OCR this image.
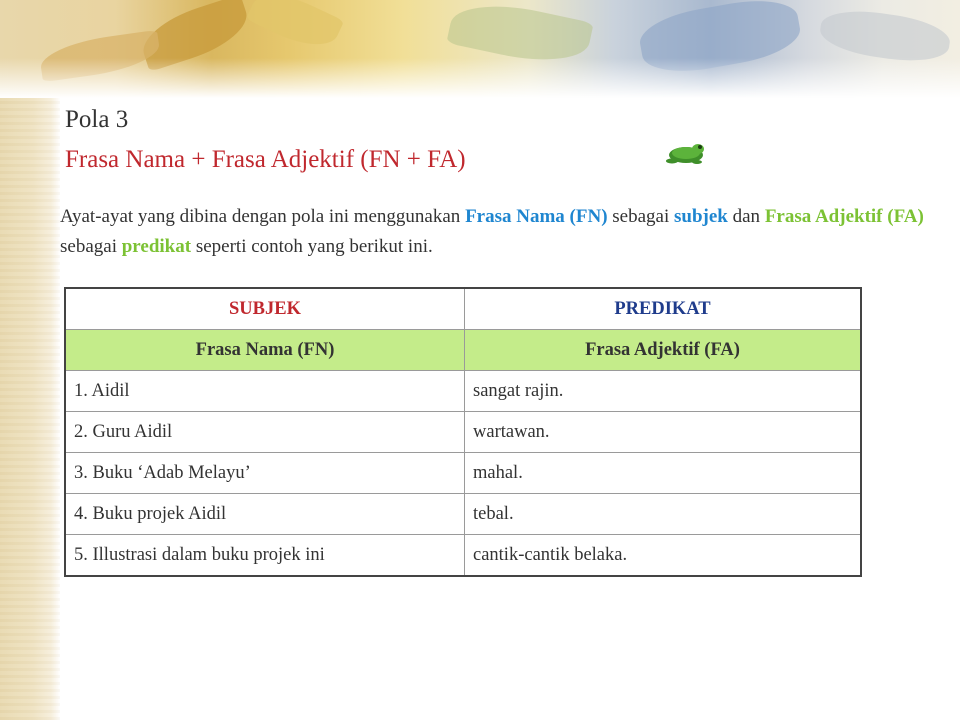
Pola 3
Frasa Nama + Frasa Adjektif (FN + FA)
Ayat-ayat yang dibina dengan pola ini menggunakan Frasa Nama (FN) sebagai subjek dan Frasa Adjektif (FA) sebagai predikat seperti contoh yang berikut ini.
SUBJEK	PREDIKAT
Frasa Nama (FN)	Frasa Adjektif (FA)
1. Aidil	sangat rajin.
2. Guru Aidil	wartawan.
3. Buku ‘Adab Melayu’	mahal.
4. Buku projek Aidil	tebal.
5. Illustrasi dalam buku projek ini	cantik-cantik belaka.
